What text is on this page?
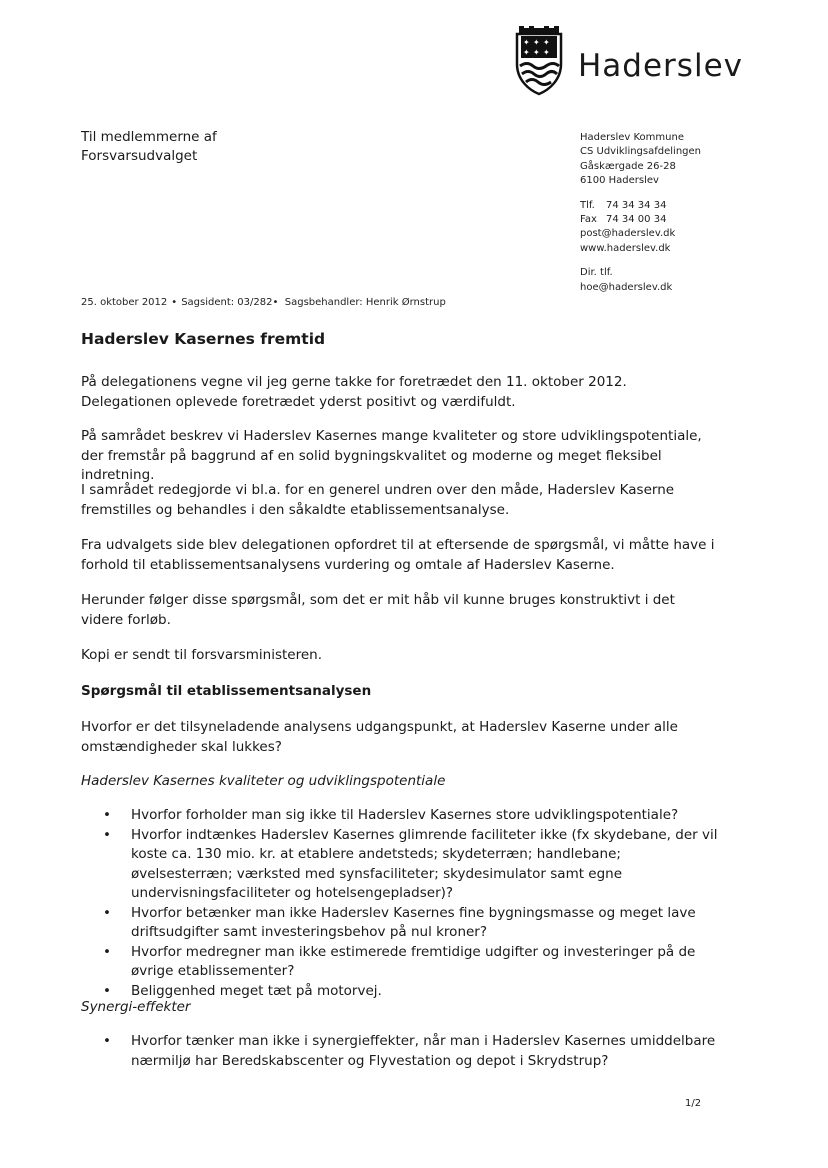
✦ ✦ ✦
✦ ✦ ✦ Haderslev
Til medlemmerne af
Forsvarsudvalget
Haderslev Kommune
CS Udviklingsafdelingen
Gåskærgade 26-28
6100 Haderslev
Tlf.	74 34 34 34
Fax 74 34 00 34
post@haderslev.dk
www.haderslev.dk
Dir. tlf.
hoe@haderslev.dk
25. oktober 2012 • Sagsident: 03/282• Sagsbehandler: Henrik Ørnstrup
Haderslev Kasernes fremtid
På delegationens vegne vil jeg gerne takke for foretrædet den 11. oktober 2012. Delegationen oplevede foretrædet yderst positivt og værdifuldt.
På samrådet beskrev vi Haderslev Kasernes mange kvaliteter og store udviklingspotentiale, der fremstår på baggrund af en solid bygningskvalitet og moderne og meget fleksibel indretning.
I samrådet redegjorde vi bl.a. for en generel undren over den måde, Haderslev Kaserne fremstilles og behandles i den såkaldte etablissementsanalyse.
Fra udvalgets side blev delegationen opfordret til at eftersende de spørgsmål, vi måtte have i forhold til etablissementsanalysens vurdering og omtale af Haderslev Kaserne.
Herunder følger disse spørgsmål, som det er mit håb vil kunne bruges konstruktivt i det videre forløb.
Kopi er sendt til forsvarsministeren.
Spørgsmål til etablissementsanalysen
Hvorfor er det tilsyneladende analysens udgangspunkt, at Haderslev Kaserne under alle omstændigheder skal lukkes?
Haderslev Kasernes kvaliteter og udviklingspotentiale
• Hvorfor forholder man sig ikke til Haderslev Kasernes store udviklingspotentiale?
• Hvorfor indtænkes Haderslev Kasernes glimrende faciliteter ikke (fx skydebane, der vil koste ca. 130 mio. kr. at etablere andetsteds; skydeterræn; handlebane; øvelsesterræn; værksted med synsfaciliteter; skydesimulator samt egne undervisningsfaciliteter og hotelsengepladser)?
• Hvorfor betænker man ikke Haderslev Kasernes fine bygningsmasse og meget lave driftsudgifter samt investeringsbehov på nul kroner?
• Hvorfor medregner man ikke estimerede fremtidige udgifter og investeringer på de øvrige etablissementer?
• Beliggenhed meget tæt på motorvej.
Synergi-effekter
• Hvorfor tænker man ikke i synergieffekter, når man i Haderslev Kasernes umiddelbare nærmiljø har Beredskabscenter og Flyvestation og depot i Skrydstrup?
1/2
